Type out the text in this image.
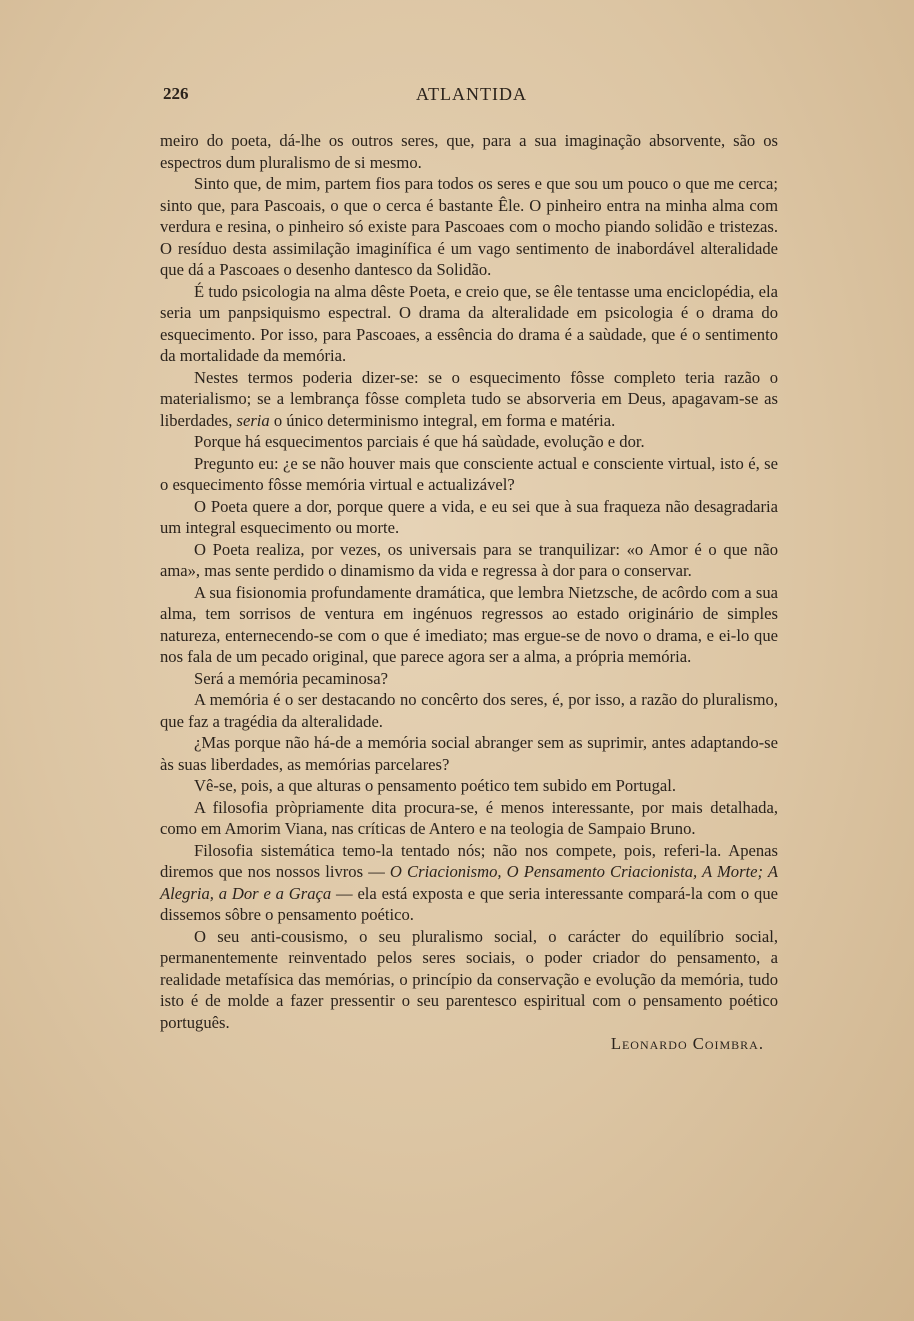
226	ATLANTIDA

meiro do poeta, dá-lhe os outros seres, que, para a sua imaginação absorvente, são os espectros dum pluralismo de si mesmo.

Sinto que, de mim, partem fios para todos os seres e que sou um pouco o que me cerca; sinto que, para Pascoais, o que o cerca é bastante Êle. O pinheiro entra na minha alma com verdura e resina, o pinheiro só existe para Pascoaes com o mocho piando solidão e tristezas. O resíduo desta assimilação imaginífica é um vago sentimento de inabordável alteralidade que dá a Pascoaes o desenho dantesco da Solidão.

É tudo psicologia na alma dêste Poeta, e creio que, se êle tentasse uma enciclopédia, ela seria um panpsiquismo espectral. O drama da alteralidade em psicologia é o drama do esquecimento. Por isso, para Pascoaes, a essência do drama é a saùdade, que é o sentimento da mortalidade da memória.

Nestes termos poderia dizer-se: se o esquecimento fôsse completo teria razão o materialismo; se a lembrança fôsse completa tudo se absorveria em Deus, apagavam-se as liberdades, seria o único determinismo integral, em forma e matéria.

Porque há esquecimentos parciais é que há saùdade, evolução e dor.

Pregunto eu: ¿e se não houver mais que consciente actual e consciente virtual, isto é, se o esquecimento fôsse memória virtual e actualizável?

O Poeta quere a dor, porque quere a vida, e eu sei que à sua fraqueza não desagradaria um integral esquecimento ou morte.

O Poeta realiza, por vezes, os universais para se tranquilizar: «o Amor é o que não ama», mas sente perdido o dinamismo da vida e regressa à dor para o conservar.

A sua fisionomia profundamente dramática, que lembra Nietzsche, de acôrdo com a sua alma, tem sorrisos de ventura em ingénuos regressos ao estado originário de simples natureza, enternecendo-se com o que é imediato; mas ergue-se de novo o drama, e ei-lo que nos fala de um pecado original, que parece agora ser a alma, a própria memória.

Será a memória pecaminosa?

A memória é o ser destacando no concêrto dos seres, é, por isso, a razão do pluralismo, que faz a tragédia da alteralidade.

¿Mas porque não há-de a memória social abranger sem as suprimir, antes adaptando-se às suas liberdades, as memórias parcelares?

Vê-se, pois, a que alturas o pensamento poético tem subido em Portugal.

A filosofia pròpriamente dita procura-se, é menos interessante, por mais detalhada, como em Amorim Viana, nas críticas de Antero e na teologia de Sampaio Bruno.

Filosofia sistemática temo-la tentado nós; não nos compete, pois, referi-la. Apenas diremos que nos nossos livros — O Criacionismo, O Pensamento Criacionista, A Morte; A Alegria, a Dor e a Graça — ela está exposta e que seria interessante compará-la com o que dissemos sôbre o pensamento poético.

O seu anti-cousismo, o seu pluralismo social, o carácter do equilíbrio social, permanentemente reinventado pelos seres sociais, o poder criador do pensamento, a realidade metafísica das memórias, o princípio da conservação e evolução da memória, tudo isto é de molde a fazer pressentir o seu parentesco espiritual com o pensamento poético português.

Leonardo Coimbra.
